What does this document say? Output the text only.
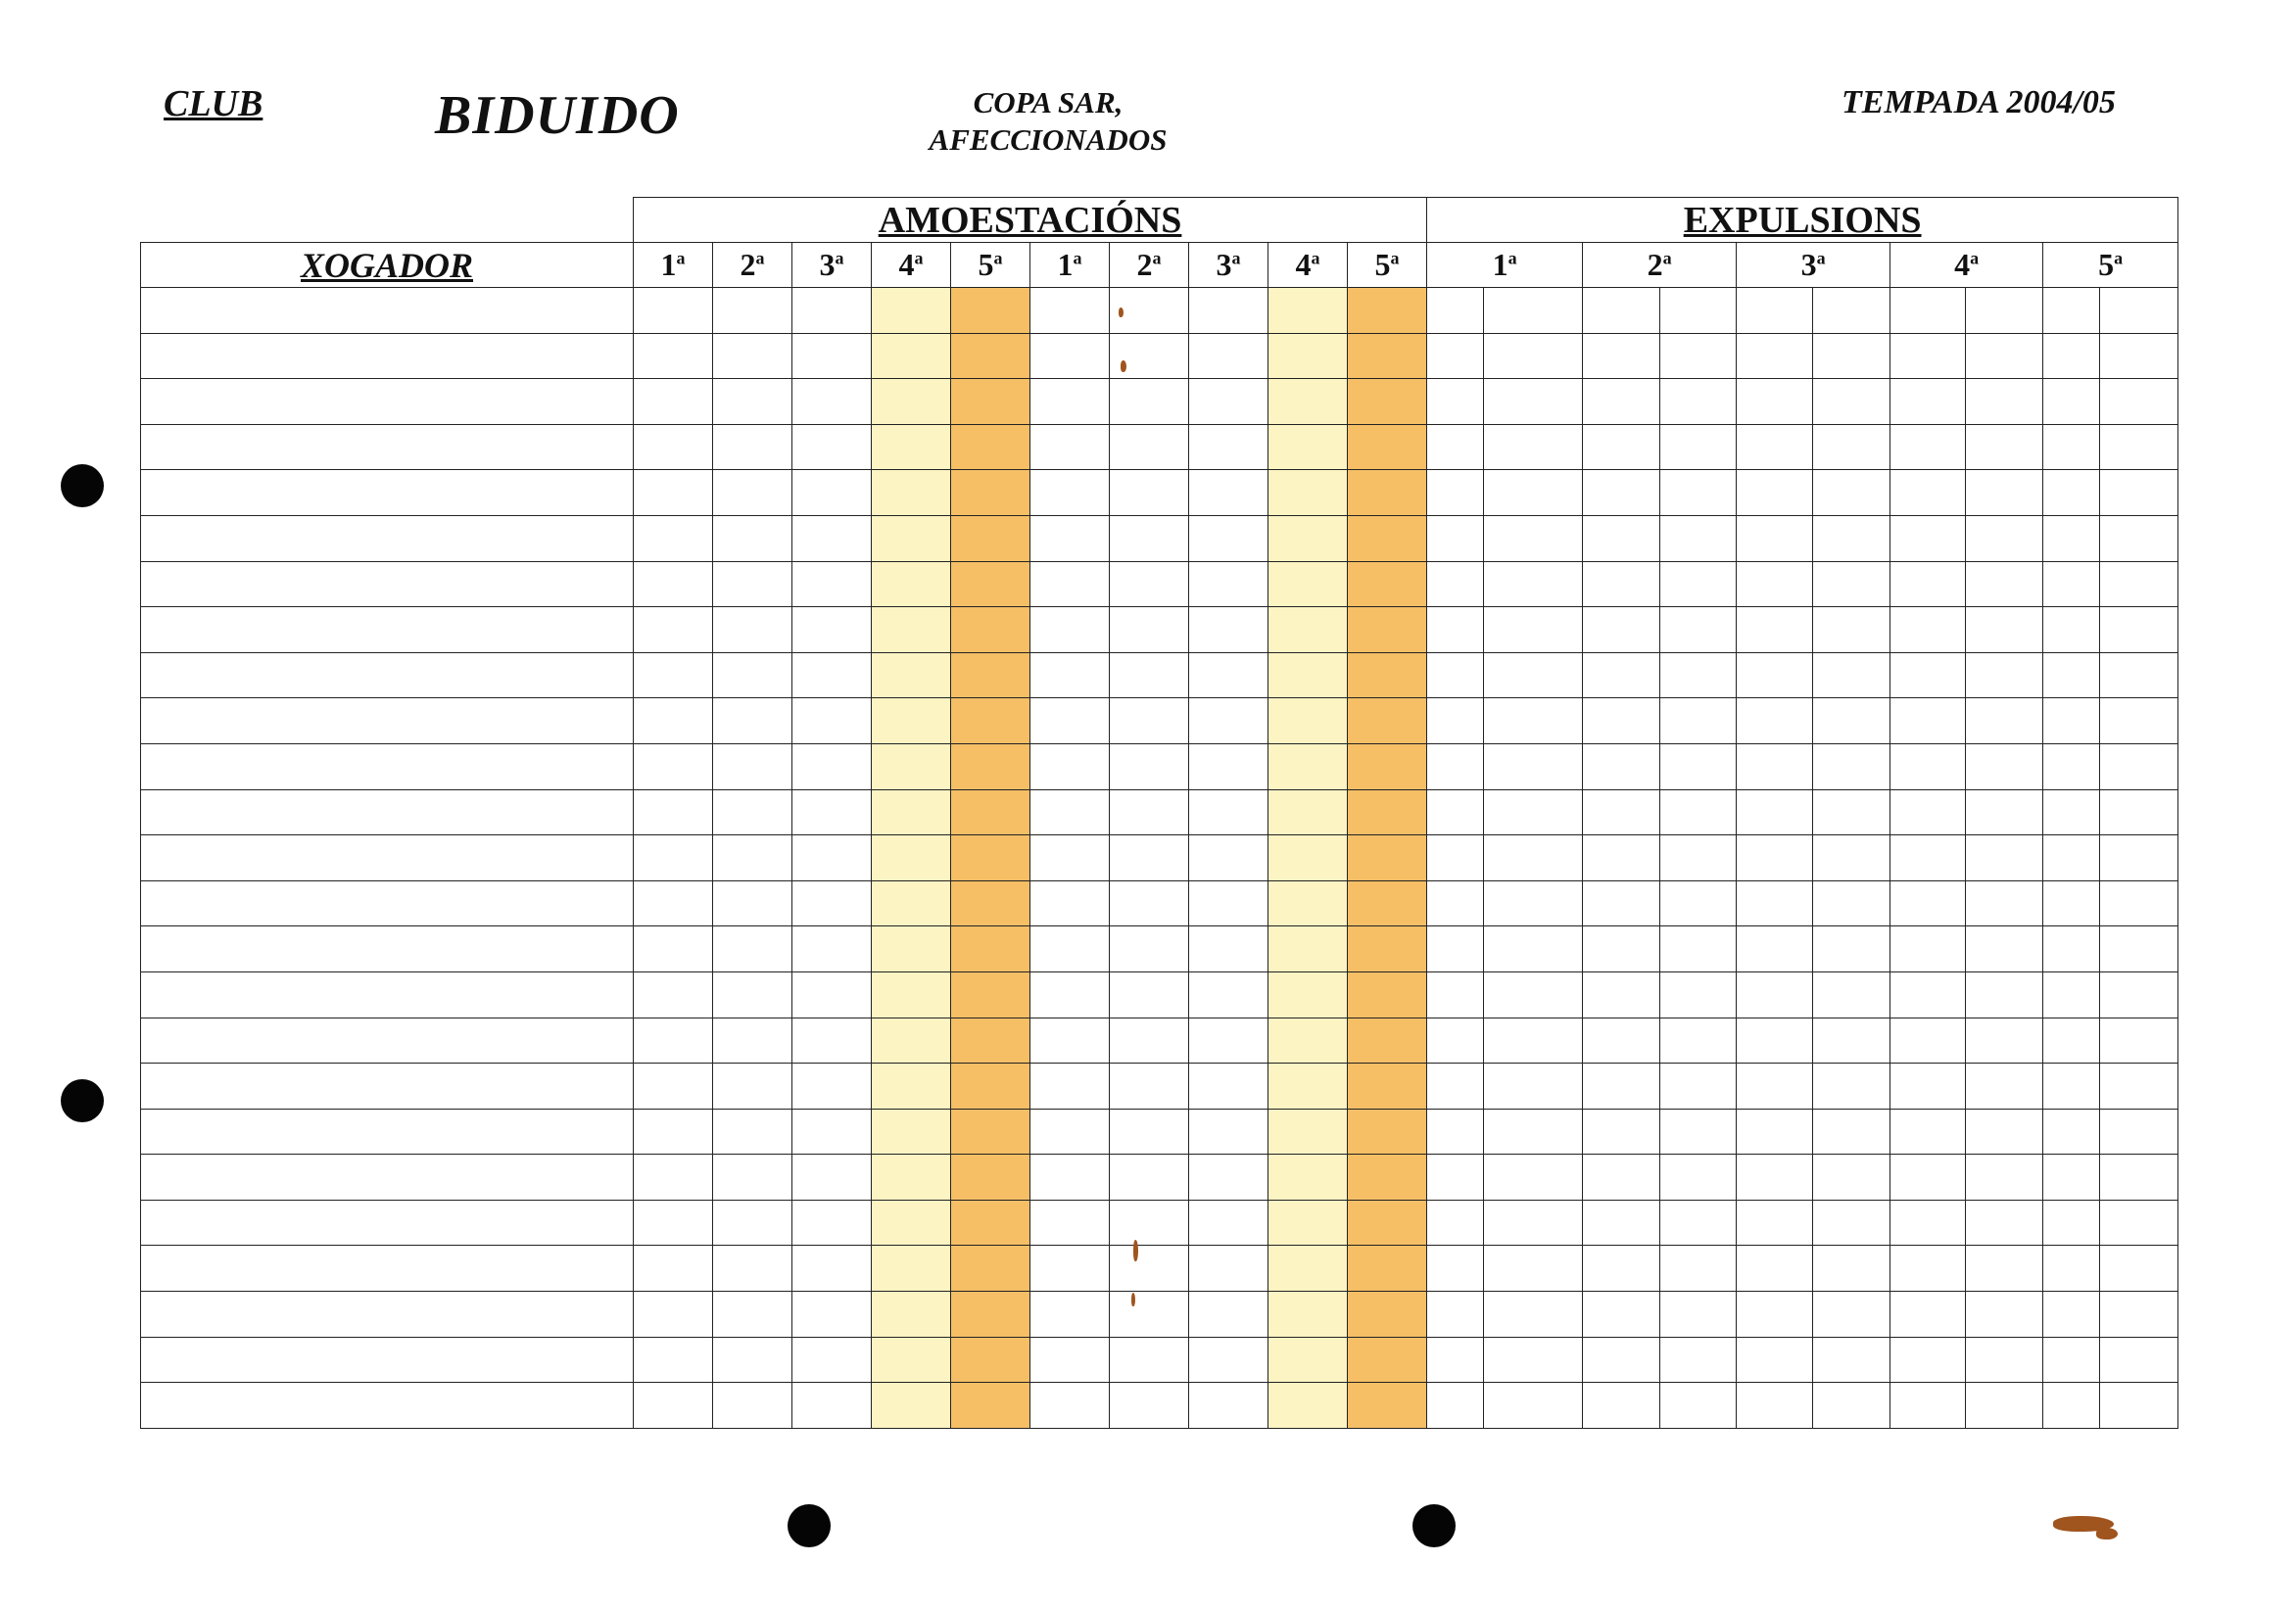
CLUB	BIDUIDO	COPA SAR,
AFECCIONADOS
TEMPADA 2004/05
	AMOESTACIÓNS										EXPULSIONS									
XOGADOR	1$^a$	2$^a$	3$^a$	4$^a$	5$^a$	1$^a$	2$^a$	3$^a$	4$^a$	5$^a$	1$^a$		2$^a$		3$^a$		4$^a$		5$^a$
